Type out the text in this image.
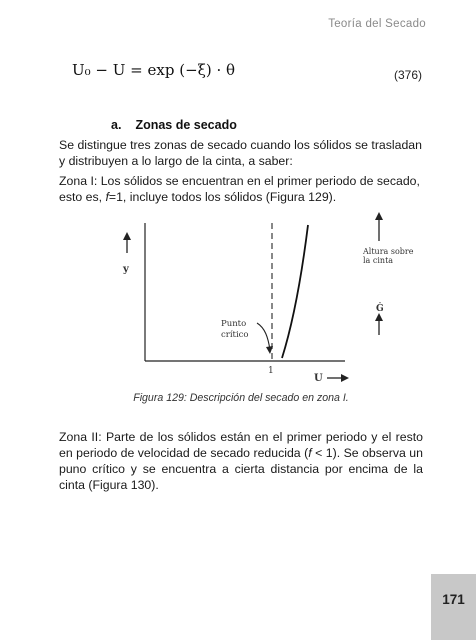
Teoría del Secado
U₀ − U = exp (−ξ) · θ	(376)
a. Zonas de secado
Se distingue tres zonas de secado cuando los sólidos se trasladan y distribuyen a lo largo de la cinta, a saber:
Zona I: Los sólidos se encuentran en el primer periodo de secado, esto es, f=1, incluye todos los sólidos (Figura 129).
y
Altura sobre
la cinta
Ġ
Punto
crítico
1
U
Figura 129: Descripción del secado en zona I.
Zona II: Parte de los sólidos están en el primer periodo y el resto en periodo de velocidad de secado reducida (f < 1). Se observa un puno crítico y se encuentra a cierta distancia por encima de la cinta (Figura 130).
171
